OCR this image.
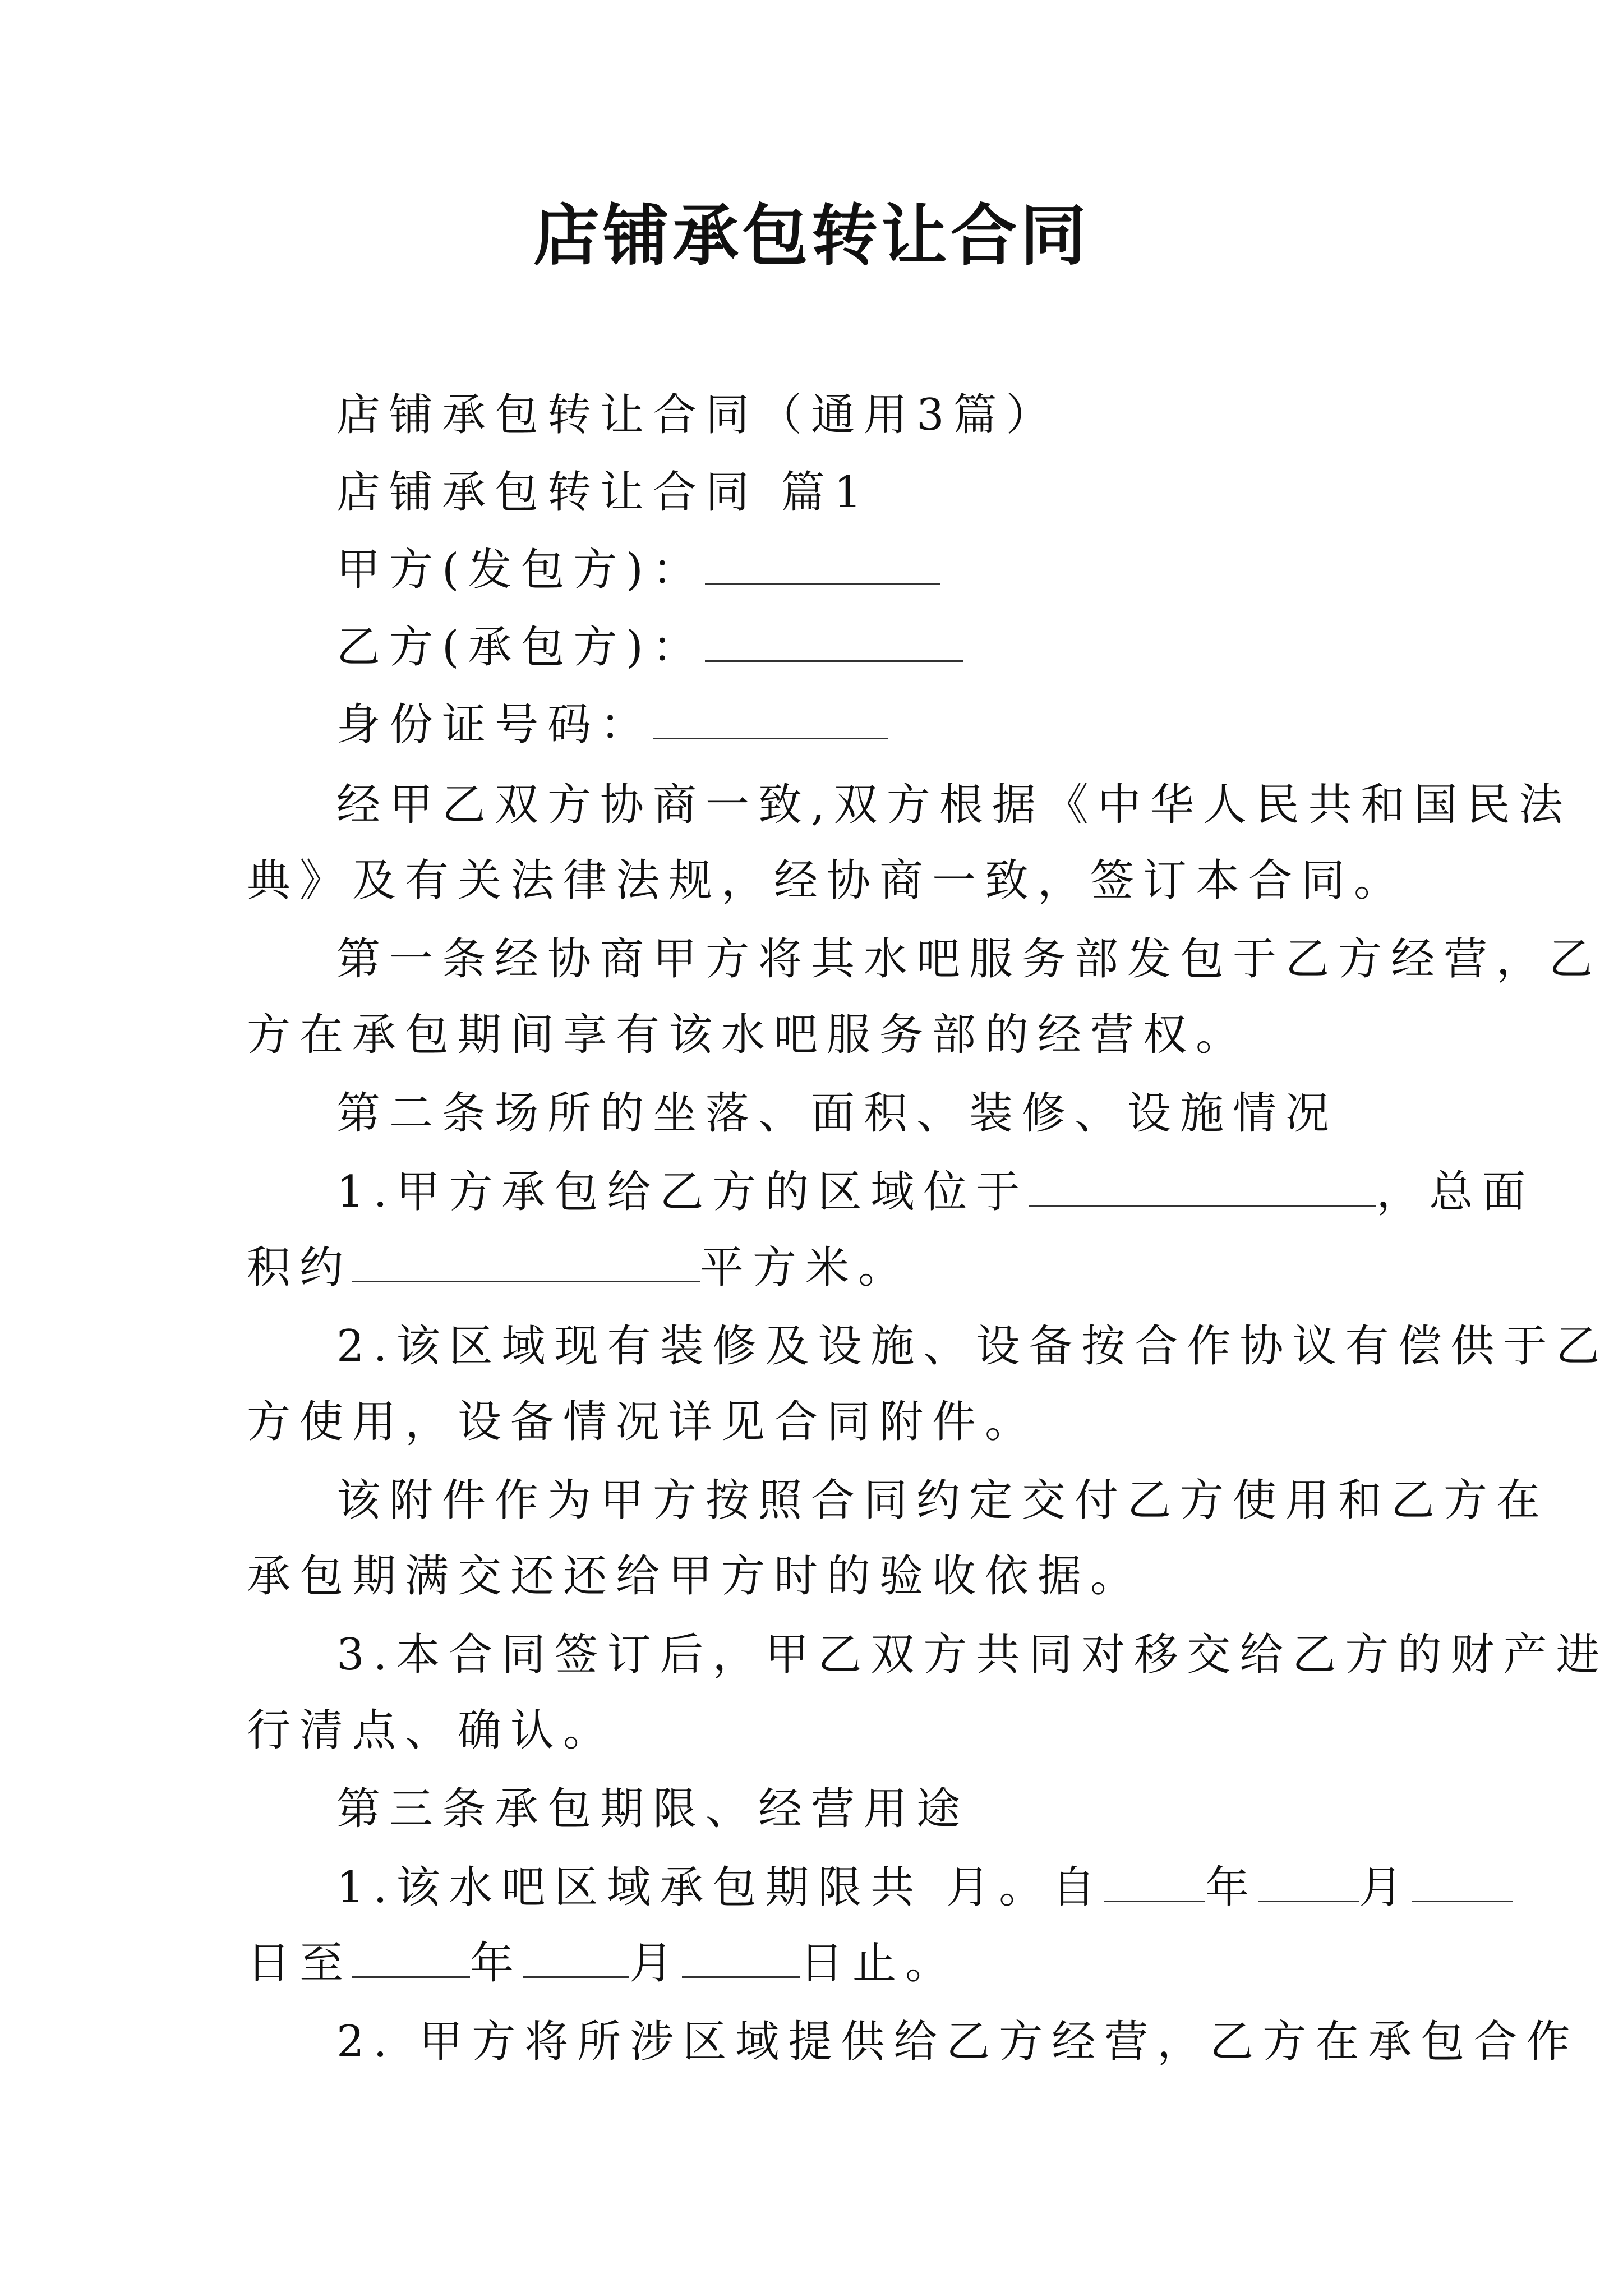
店铺承包转让合同
店铺承包转让合同（通用3篇）
店铺承包转让合同 篇1
甲方(发包方)：
乙方(承包方)：
身份证号码：
经甲乙双方协商一致,双方根据《中华人民共和国民法
典》及有关法律法规，经协商一致，签订本合同。
第一条经协商甲方将其水吧服务部发包于乙方经营，乙
方在承包期间享有该水吧服务部的经营权。
第二条场所的坐落、面积、装修、设施情况
1.甲方承包给乙方的区域位于	，总面
积约	平方米。
2.该区域现有装修及设施、设备按合作协议有偿供于乙
方使用，设备情况详见合同附件。
该附件作为甲方按照合同约定交付乙方使用和乙方在
承包期满交还还给甲方时的验收依据。
3.本合同签订后，甲乙双方共同对移交给乙方的财产进
行清点、确认。
第三条承包期限、经营用途
1.该水吧区域承包期限共 月。自 年 月
日至	年 月	日止。
2. 甲方将所涉区域提供给乙方经营，乙方在承包合作
